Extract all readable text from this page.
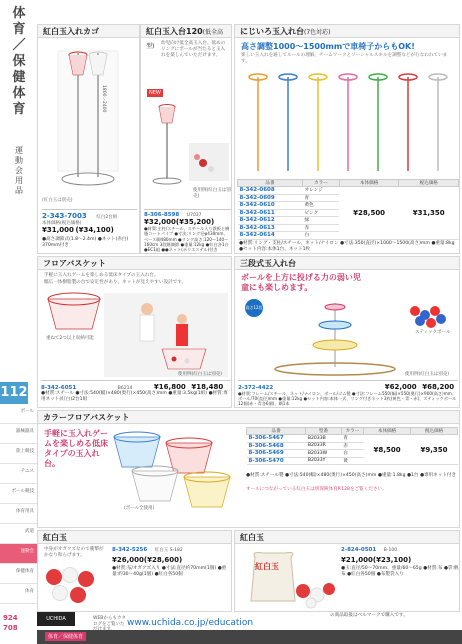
体育／保健体育
運動会用品
112
ボール
器械器具
陸上競技
テニス
ボール競技
体育用具
武道
運動会
保健体育
体育
924
708
紅白玉入れカゴ
1800〜2400
(紅白玉は別売)
2-343-7003 紅白2台組
本体価格(税込価格)
¥31,000 (¥34,100)
●高さ調節式(1.8〜2.4m) ●ネット(赤白) 370mm付き
紅白玉入台120(低全高型)	幼児向け低全高玉入台。低めのリングにボールが当たると玉入れを楽しんでいただけます。
NEW
使用例(紅白玉は別売)
8-306-8598 U7037
¥32,000(¥35,200)
●材質:主柱/スチール、スチール入り鉄板と樹脂コートパイプ ●寸法:リング径φ430mm、ベース脚480mm ●リング高さ:120〜140〜160cm 3段階調節 ●重量:12kg ●紅白各1台 ●EC1組 ●●ネット(ポリエステル)付き
にじいろ玉入れ台(7色対応)
高さ調整1000〜1500mmで車椅子からもOK!
楽しい玉入れを通してルールの理解、チームワークとソーシャルスキルを調整などが行なわれています。
品番	カラー	本体価格	税込価格
8-342-0608	オレンジ	¥28,500	¥31,350
8-342-0609	青		
8-342-0610	黄色		
8-342-0611	ピンク		
8-342-0612	緑		
8-342-0613	赤		
8-342-0614	白		
●材質:リング・支柱/スチール、ネット/ナイロン ●寸法:350(直径)×1000〜1500(高さ)mm ●重量:8kg ●セット内容:本体1台、ネット1枚
フロアバスケット
手軽に玉入れゲームを楽しめる低床タイプの玉入れ台。
幅広一体樹脂製の台で安定性があり、ネットが見えやすい設計です。
重ねて2つ以上収納可能
使用例(紅白玉は別売)
8-342-6051	B6214	¥16,800 ¥18,480
●材質:スチール ●寸法:540(幅)×480(奥行)×450(高さ)mm ●重量:3.5kg(1組) ●材質:専用ネット(紅白)2台1組
三段式玉入れ台
ボールを上方に投げる力の弱い児童にも楽しめます。
高さ12段
スティックボール
使用例(紅白玉は別売)
2-372-4422	¥62,000 ¥68,200
●材質:フレーム/スチール、ネット/ナイロン、ボール/ゴム製 ●寸法:フレーム550(幅)×550(奥行)×900(高さ)mm、ボール/70(直径)mm ●重量:12kg ●セット内容:本体一式、リング付きネット3枚(黄色・青・赤)、スティックボール12個(赤・青各6個)、網1本
カラーフロアバスケット
手軽に玉入れゲームを楽しめる低床タイプの玉入れ台。
(ボール全使用)
品番	型番	カラー	本体価格	税込価格
8-306-5467	B2033B	青	¥8,500	¥9,350
8-306-5468	B2033R	赤		
8-306-5469	B2033W	白		
8-306-5470	B2033Y	黄		
●材質:スチール製 ●寸法:540(幅)×480(奥行)×450(高さ)mm ●重量:1.8kg ●1台 ●専用ネット付き
オールにつながっている紅白玉は別保険体育P.128をご覧ください。
紅白玉
中身がオガクズなので衝撃がかなり和らげます。
8-342-5256 紅白玉 S-182
¥26,000(¥28,600)
●材質:布/オガクズ入り ●寸法:直径約70mm(1個) ●重量:約30〜40g(1個) ●紅白各50個
紅白玉
紅白玉
2-824-0501 B-100
¥21,000(¥23,100)
●玉:直径/50〜70mm、重量/60〜65g ●材質:布 ●袋:帆布 ●紅白各50個 ●布製袋入り
の商品取扱はベルマークで購入です。
UCHIDA	WEBからもカタログをご覧いた www.uchida.co.jp/education
体育／保健体育
